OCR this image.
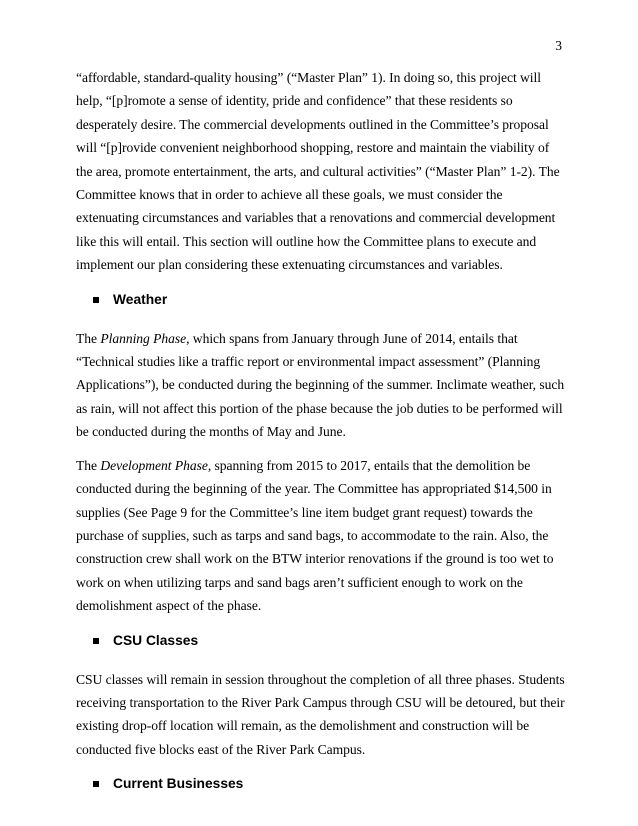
3

“affordable, standard-quality housing” (“Master Plan” 1). In doing so, this project will help, “[p]romote a sense of identity, pride and confidence” that these residents so desperately desire. The commercial developments outlined in the Committee’s proposal will “[p]rovide convenient neighborhood shopping, restore and maintain the viability of the area, promote entertainment, the arts, and cultural activities” (“Master Plan” 1-2). The Committee knows that in order to achieve all these goals, we must consider the extenuating circumstances and variables that a renovations and commercial development like this will entail. This section will outline how the Committee plans to execute and implement our plan considering these extenuating circumstances and variables.

Weather

The Planning Phase, which spans from January through June of 2014, entails that “Technical studies like a traffic report or environmental impact assessment” (Planning Applications”), be conducted during the beginning of the summer. Inclimate weather, such as rain, will not affect this portion of the phase because the job duties to be performed will be conducted during the months of May and June.

The Development Phase, spanning from 2015 to 2017, entails that the demolition be conducted during the beginning of the year. The Committee has appropriated $14,500 in supplies (See Page 9 for the Committee’s line item budget grant request) towards the purchase of supplies, such as tarps and sand bags, to accommodate to the rain. Also, the construction crew shall work on the BTW interior renovations if the ground is too wet to work on when utilizing tarps and sand bags aren’t sufficient enough to work on the demolishment aspect of the phase.

CSU Classes

CSU classes will remain in session throughout the completion of all three phases. Students receiving transportation to the River Park Campus through CSU will be detoured, but their existing drop-off location will remain, as the demolishment and construction will be conducted five blocks east of the River Park Campus.

Current Businesses
